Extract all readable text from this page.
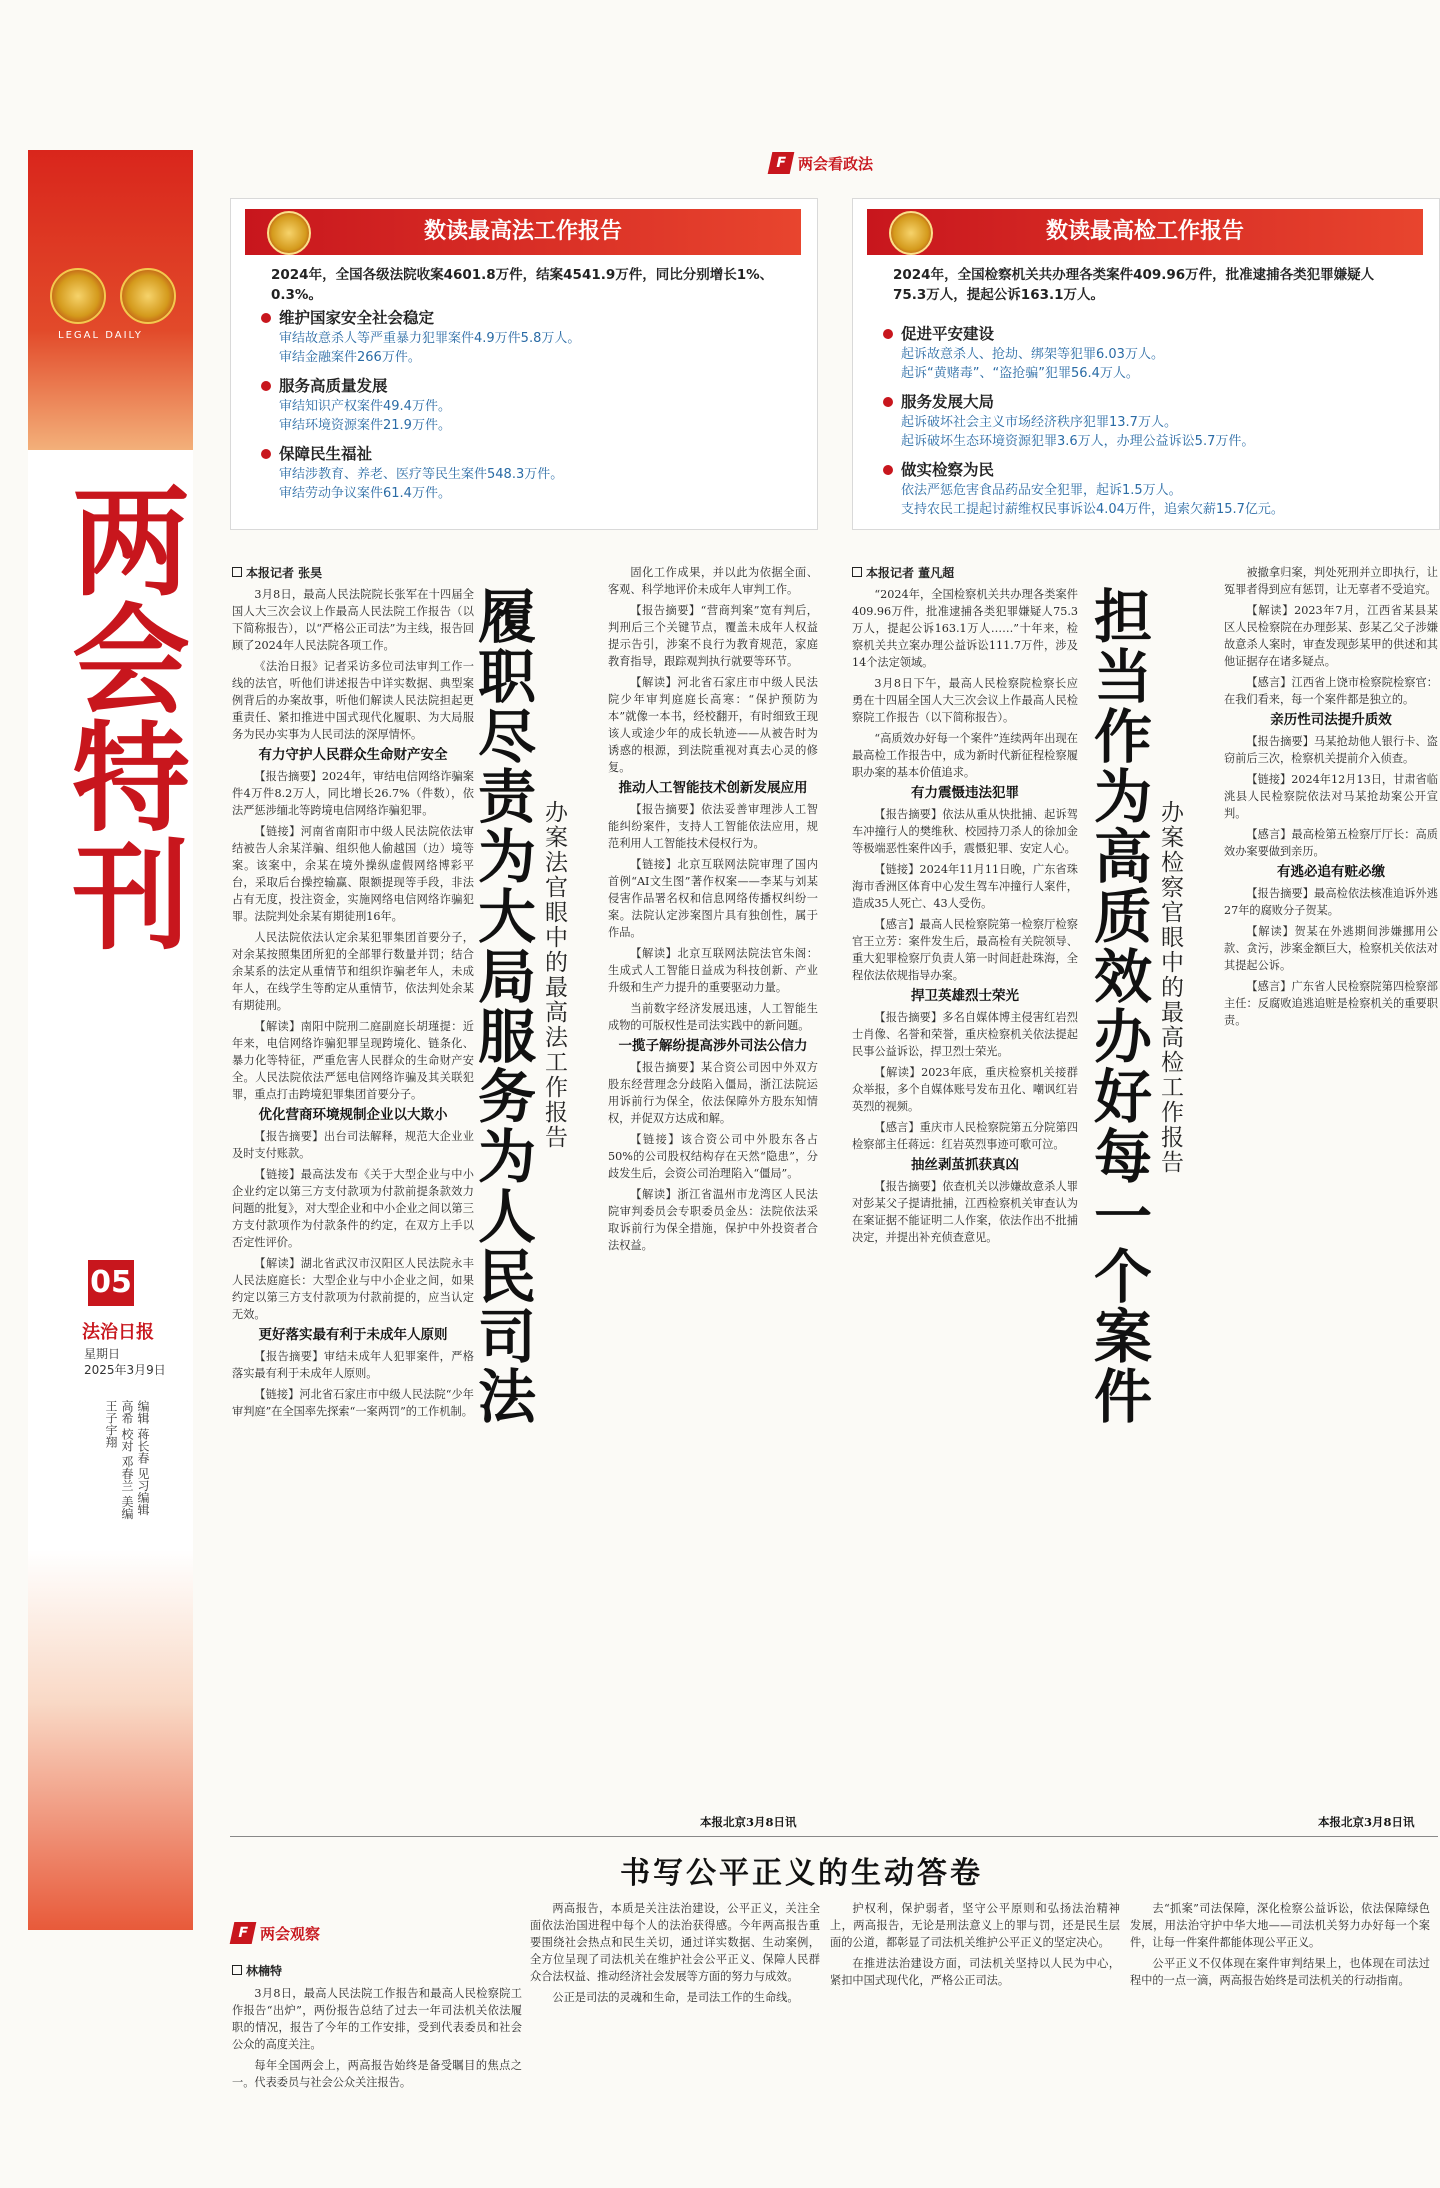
LEGAL DAILY
两会特刊
05
法治日报
星期日
2025年3月9日
编辑 蒋长春 见习编辑 高希 校对 邓春兰 美编 王子宇翔
F 两会看政法
数读最高法工作报告
2024年，全国各级法院收案4601.8万件，结案4541.9万件，同比分别增长1%、0.3%。
维护国家安全社会稳定
审结故意杀人等严重暴力犯罪案件4.9万件5.8万人。
审结金融案件266万件。
服务高质量发展
审结知识产权案件49.4万件。
审结环境资源案件21.9万件。
保障民生福祉
审结涉教育、养老、医疗等民生案件548.3万件。
审结劳动争议案件61.4万件。
数读最高检工作报告
2024年，全国检察机关共办理各类案件409.96万件，批准逮捕各类犯罪嫌疑人75.3万人，提起公诉163.1万人。
促进平安建设
起诉故意杀人、抢劫、绑架等犯罪6.03万人。
起诉“黄赌毒”、“盗抢骗”犯罪56.4万人。
服务发展大局
起诉破坏社会主义市场经济秩序犯罪13.7万人。
起诉破坏生态环境资源犯罪3.6万人，办理公益诉讼5.7万件。
做实检察为民
依法严惩危害食品药品安全犯罪，起诉1.5万人。
支持农民工提起讨薪维权民事诉讼4.04万件，追索欠薪15.7亿元。
本报记者 张昊

3月8日，最高人民法院院长张军在十四届全国人大三次会议上作最高人民法院工作报告（以下简称报告），以“严格公正司法”为主线，报告回顾了2024年人民法院各项工作。

《法治日报》记者采访多位司法审判工作一线的法官，听他们讲述报告中详实数据、典型案例背后的办案故事，听他们解读人民法院担起更重责任、紧扣推进中国式现代化履职、为大局服务为民办实事为人民司法的深厚情怀。

有力守护人民群众生命财产安全

【报告摘要】2024年，审结电信网络诈骗案件4万件8.2万人，同比增长26.7%（件数），依法严惩涉缅北等跨境电信网络诈骗犯罪。

【链接】河南省南阳市中级人民法院依法审结被告人余某洋骗、组织他人偷越国（边）境等案。该案中，余某在境外操纵虚假网络博彩平台，采取后台操控输赢、限额提现等手段，非法占有无度，投注资金，实施网络电信网络诈骗犯罪。法院判处余某有期徒刑16年。

人民法院依法认定余某犯罪集团首要分子，对余某按照集团所犯的全部罪行数量并罚；结合余某系的法定从重情节和组织诈骗老年人，未成年人，在线学生等酌定从重情节，依法判处余某有期徒刑。

【解读】南阳中院刑二庭副庭长胡瑾提：近年来，电信网络诈骗犯罪呈现跨境化、链条化、暴力化等特征，严重危害人民群众的生命财产安全。人民法院依法严惩电信网络诈骗及其关联犯罪，重点打击跨境犯罪集团首要分子。

优化营商环境规制企业以大欺小

【报告摘要】出台司法解释，规范大企业业及时支付账款。

【链接】最高法发布《关于大型企业与中小企业约定以第三方支付款项为付款前提条款效力问题的批复》，对大型企业和中小企业之间以第三方支付款项作为付款条件的约定，在双方上手以否定性评价。

【解读】湖北省武汉市汉阳区人民法院永丰人民法庭庭长：大型企业与中小企业之间，如果约定以第三方支付款项为付款前提的，应当认定无效。

更好落实最有利于未成年人原则

【报告摘要】审结未成年人犯罪案件，严格落实最有利于未成年人原则。

【链接】河北省石家庄市中级人民法院“少年审判庭”在全国率先探索“一案两罚”的工作机制。

履职尽责为大局服务为人民司法 办案法官眼中的最高法工作报告

固化工作成果，并以此为依据全面、客观、科学地评价未成年人审判工作。

【报告摘要】“营商判案”宽有判后，判刑后三个关键节点，覆盖未成年人权益提示告引，涉案不良行为教育规范，家庭教育指导，跟踪观判执行就要等环节。

【解读】河北省石家庄市中级人民法院少年审判庭庭长高寒：“保护预防为本”就像一本书，经校翻开，有时细致王现该人或途少年的成长轨迹——从被告时为诱惑的根源，到法院重视对真去心灵的修复。

推动人工智能技术创新发展应用

【报告摘要】依法妥善审理涉人工智能纠纷案件，支持人工智能依法应用，规范利用人工智能技术侵权行为。

【链接】北京互联网法院审理了国内首例“AI文生图”著作权案——李某与刘某侵害作品署名权和信息网络传播权纠纷一案。法院认定涉案图片具有独创性，属于作品。

【解读】北京互联网法院法官朱阁：生成式人工智能日益成为科技创新、产业升级和生产力提升的重要驱动力量。

当前数字经济发展迅速，人工智能生成物的可版权性是司法实践中的新问题。

一揽子解纷提高涉外司法公信力

【报告摘要】某合资公司因中外双方股东经营理念分歧陷入僵局，浙江法院运用诉前行为保全，依法保障外方股东知情权，并促双方达成和解。

【链接】该合资公司中外股东各占50%的公司股权结构存在天然“隐患”，分歧发生后，会资公司治理陷入“僵局”。

【解读】浙江省温州市龙湾区人民法院审判委员会专职委员金丛：法院依法采取诉前行为保全措施，保护中外投资者合法权益。

本报北京3月8日讯
本报记者 董凡超

“2024年，全国检察机关共办理各类案件409.96万件，批准逮捕各类犯罪嫌疑人75.3万人，提起公诉163.1万人……”十年来，检察机关共立案办理公益诉讼111.7万件，涉及14个法定领域。

3月8日下午，最高人民检察院检察长应勇在十四届全国人大三次会议上作最高人民检察院工作报告（以下简称报告）。

“高质效办好每一个案件”连续两年出现在最高检工作报告中，成为新时代新征程检察履职办案的基本价值追求。

有力震慑违法犯罪

【报告摘要】依法从重从快批捕、起诉驾车冲撞行人的樊维秋、校园持刀杀人的徐加金等极端恶性案件凶手，震慑犯罪、安定人心。

【链接】2024年11月11日晚，广东省珠海市香洲区体育中心发生驾车冲撞行人案件，造成35人死亡、43人受伤。

【感言】最高人民检察院第一检察厅检察官王立芳：案件发生后，最高检有关院领导、重大犯罪检察厅负责人第一时间赶赴珠海，全程依法依规指导办案。

捍卫英雄烈士荣光

【报告摘要】多名自媒体博主侵害红岩烈士肖像、名誉和荣誉，重庆检察机关依法提起民事公益诉讼，捍卫烈士荣光。

【解读】2023年底，重庆检察机关接群众举报，多个自媒体账号发布丑化、嘲讽红岩英烈的视频。

【感言】重庆市人民检察院第五分院第四检察部主任蒋远：红岩英烈事迹可歌可泣。

抽丝剥茧抓获真凶

【报告摘要】依查机关以涉嫌故意杀人罪对彭某父子提请批捕，江西检察机关审查认为在案证据不能证明二人作案，依法作出不批捕决定，并提出补充侦查意见。	担当作为高质效办好每一个案件 办案检察官眼中的最高检工作报告

被撤拿归案，判处死刑并立即执行，让冤罪者得到应有惩罚，让无辜者不受追究。

【解读】2023年7月，江西省某县某区人民检察院在办理彭某、彭某乙父子涉嫌故意杀人案时，审查发现彭某甲的供述和其他证据存在诸多疑点。

【感言】江西省上饶市检察院检察官：在我们看来，每一个案件都是独立的。

亲历性司法提升质效

【报告摘要】马某抢劫他人银行卡、盗窃前后三次，检察机关提前介入侦查。

【链接】2024年12月13日，甘肃省临洮县人民检察院依法对马某抢劫案公开宣判。

【感言】最高检第五检察厅厅长：高质效办案要做到亲历。

有逃必追有赃必缴

【报告摘要】最高检依法核准追诉外逃27年的腐败分子贺某。

【解读】贺某在外逃期间涉嫌挪用公款、贪污，涉案金额巨大，检察机关依法对其提起公诉。

【感言】广东省人民检察院第四检察部主任：反腐败追逃追赃是检察机关的重要职责。

本报北京3月8日讯
书写公平正义的生动答卷
F 两会观察
林楠特

3月8日，最高人民法院工作报告和最高人民检察院工作报告“出炉”，两份报告总结了过去一年司法机关依法履职的情况，报告了今年的工作安排，受到代表委员和社会公众的高度关注。

每年全国两会上，两高报告始终是备受瞩目的焦点之一。代表委员与社会公众关注报告。

两高报告，本质是关注法治建设，公平正义，关注全面依法治国进程中每个人的法治获得感。今年两高报告重要围绕社会热点和民生关切，通过详实数据、生动案例，全方位呈现了司法机关在维护社会公平正义、保障人民群众合法权益、推动经济社会发展等方面的努力与成效。

公正是司法的灵魂和生命，是司法工作的生命线。

护权利，保护弱者，坚守公平原则和弘扬法治精神上，两高报告，无论是刑法意义上的罪与罚，还是民生层面的公道，都彰显了司法机关维护公平正义的坚定决心。

在推进法治建设方面，司法机关坚持以人民为中心，紧扣中国式现代化，严格公正司法。

去“抓案”司法保障，深化检察公益诉讼，依法保障绿色发展，用法治守护中华大地——司法机关努力办好每一个案件，让每一件案件都能体现公平正义。

公平正义不仅体现在案件审判结果上，也体现在司法过程中的一点一滴，两高报告始终是司法机关的行动指南。
